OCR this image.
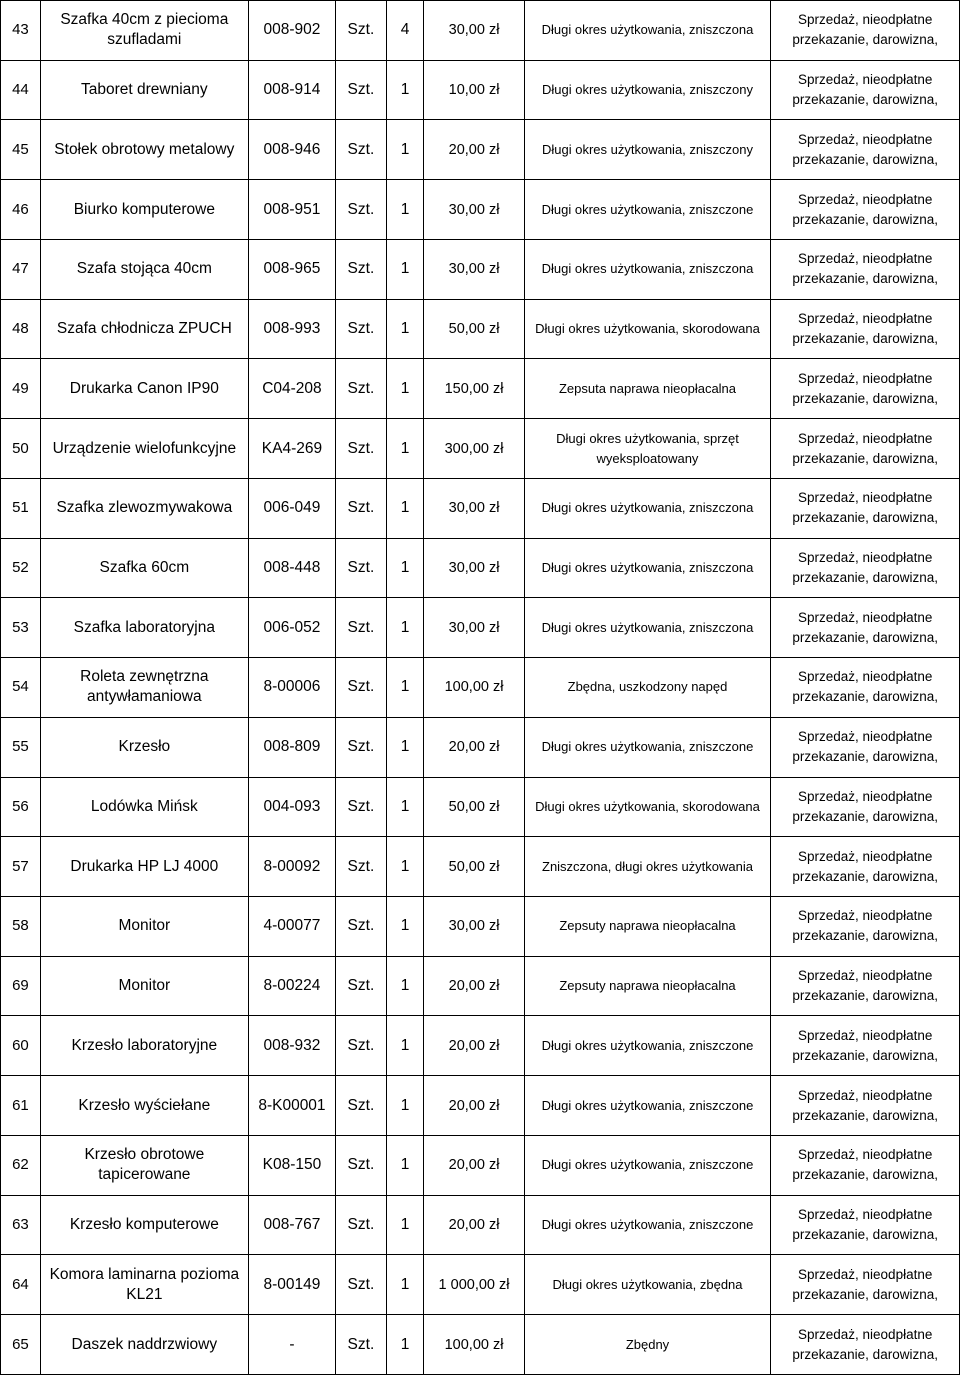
43	Szafka 40cm z piecioma szufladami	008-902	Szt.	4	30,00 zł	Długi okres użytkowania, zniszczona	Sprzedaż, nieodpłatne
przekazanie, darowizna,

44	Taboret drewniany	008-914	Szt.	1	10,00 zł	Długi okres użytkowania, zniszczony	Sprzedaż, nieodpłatne
przekazanie, darowizna,

45	Stołek obrotowy metalowy	008-946	Szt.	1	20,00 zł	Długi okres użytkowania, zniszczony	Sprzedaż, nieodpłatne
przekazanie, darowizna,

46	Biurko komputerowe	008-951	Szt.	1	30,00 zł	Długi okres użytkowania, zniszczone	Sprzedaż, nieodpłatne
przekazanie, darowizna,

47	Szafa stojąca 40cm	008-965	Szt.	1	30,00 zł	Długi okres użytkowania, zniszczona	Sprzedaż, nieodpłatne
przekazanie, darowizna,

48	Szafa chłodnicza ZPUCH	008-993	Szt.	1	50,00 zł	Długi okres użytkowania, skorodowana	Sprzedaż, nieodpłatne
przekazanie, darowizna,

49	Drukarka Canon IP90	C04-208	Szt.	1	150,00 zł	Zepsuta naprawa nieopłacalna	Sprzedaż, nieodpłatne
przekazanie, darowizna,

50	Urządzenie wielofunkcyjne	KA4-269	Szt.	1	300,00 zł	Długi okres użytkowania, sprzęt wyeksploatowany	Sprzedaż, nieodpłatne
przekazanie, darowizna,

51	Szafka zlewozmywakowa	006-049	Szt.	1	30,00 zł	Długi okres użytkowania, zniszczona	Sprzedaż, nieodpłatne
przekazanie, darowizna,

52	Szafka 60cm	008-448	Szt.	1	30,00 zł	Długi okres użytkowania, zniszczona	Sprzedaż, nieodpłatne
przekazanie, darowizna,

53	Szafka laboratoryjna	006-052	Szt.	1	30,00 zł	Długi okres użytkowania, zniszczona	Sprzedaż, nieodpłatne
przekazanie, darowizna,

54	Roleta zewnętrzna antywłamaniowa	8-00006	Szt.	1	100,00 zł	Zbędna, uszkodzony napęd	Sprzedaż, nieodpłatne
przekazanie, darowizna,

55	Krzesło	008-809	Szt.	1	20,00 zł	Długi okres użytkowania, zniszczone	Sprzedaż, nieodpłatne
przekazanie, darowizna,

56	Lodówka Mińsk	004-093	Szt.	1	50,00 zł	Długi okres użytkowania, skorodowana	Sprzedaż, nieodpłatne
przekazanie, darowizna,

57	Drukarka HP LJ 4000	8-00092	Szt.	1	50,00 zł	Zniszczona, długi okres użytkowania	Sprzedaż, nieodpłatne
przekazanie, darowizna,

58	Monitor	4-00077	Szt.	1	30,00 zł	Zepsuty naprawa nieopłacalna	Sprzedaż, nieodpłatne
przekazanie, darowizna,

69	Monitor	8-00224	Szt.	1	20,00 zł	Zepsuty naprawa nieopłacalna	Sprzedaż, nieodpłatne
przekazanie, darowizna,

60	Krzesło laboratoryjne	008-932	Szt.	1	20,00 zł	Długi okres użytkowania, zniszczone	Sprzedaż, nieodpłatne
przekazanie, darowizna,

61	Krzesło wyściełane	8-K00001	Szt.	1	20,00 zł	Długi okres użytkowania, zniszczone	Sprzedaż, nieodpłatne
przekazanie, darowizna,

62	Krzesło obrotowe tapicerowane	K08-150	Szt.	1	20,00 zł	Długi okres użytkowania, zniszczone	Sprzedaż, nieodpłatne
przekazanie, darowizna,

63	Krzesło komputerowe	008-767	Szt.	1	20,00 zł	Długi okres użytkowania, zniszczone	Sprzedaż, nieodpłatne
przekazanie, darowizna,

64	Komora laminarna pozioma KL21	8-00149	Szt.	1	1 000,00 zł	Długi okres użytkowania, zbędna	Sprzedaż, nieodpłatne
przekazanie, darowizna,

65	Daszek naddrzwiowy	-	Szt.	1	100,00 zł	Zbędny	Sprzedaż, nieodpłatne
przekazanie, darowizna,
